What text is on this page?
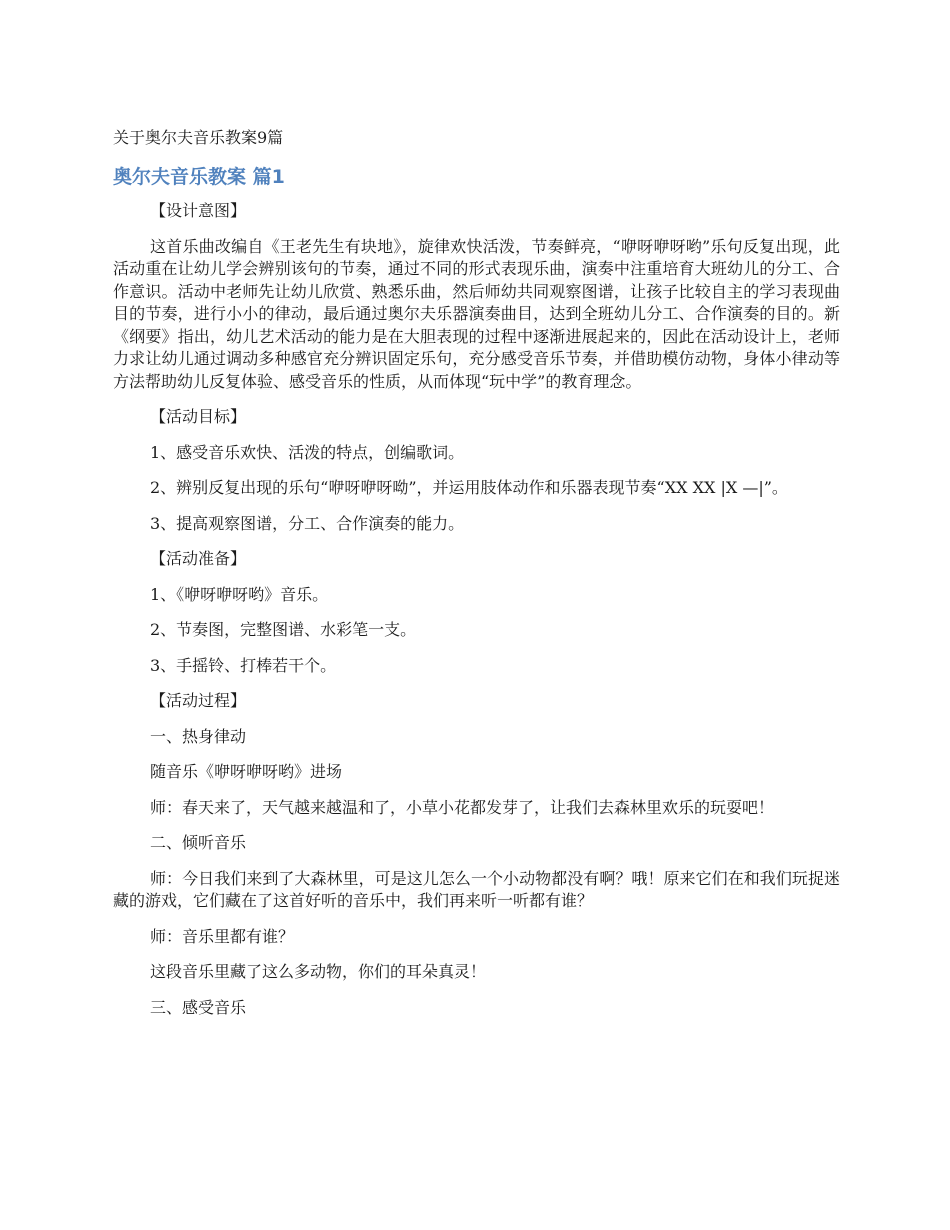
关于奥尔夫音乐教案9篇
奥尔夫音乐教案 篇1

【设计意图】

这首乐曲改编自《王老先生有块地》，旋律欢快活泼，节奏鲜亮，“咿呀咿呀哟”乐句反复出现，此活动重在让幼儿学会辨别该句的节奏，通过不同的形式表现乐曲，演奏中注重培育大班幼儿的分工、合作意识。活动中老师先让幼儿欣赏、熟悉乐曲，然后师幼共同观察图谱，让孩子比较自主的学习表现曲目的节奏，进行小小的律动，最后通过奥尔夫乐器演奏曲目，达到全班幼儿分工、合作演奏的目的。新《纲要》指出，幼儿艺术活动的能力是在大胆表现的过程中逐渐进展起来的，因此在活动设计上，老师力求让幼儿通过调动多种感官充分辨识固定乐句，充分感受音乐节奏，并借助模仿动物，身体小律动等方法帮助幼儿反复体验、感受音乐的性质，从而体现“玩中学”的教育理念。

【活动目标】

1、感受音乐欢快、活泼的特点，创编歌词。

2、辨别反复出现的乐句“咿呀咿呀呦”，并运用肢体动作和乐器表现节奏“XX XX |X —|”。

3、提高观察图谱，分工、合作演奏的能力。

【活动准备】

1、《咿呀咿呀哟》音乐。

2、节奏图，完整图谱、水彩笔一支。

3、手摇铃、打棒若干个。

【活动过程】

一、热身律动

随音乐《咿呀咿呀哟》进场

师：春天来了，天气越来越温和了，小草小花都发芽了，让我们去森林里欢乐的玩耍吧！

二、倾听音乐

师：今日我们来到了大森林里，可是这儿怎么一个小动物都没有啊？哦！原来它们在和我们玩捉迷藏的游戏，它们藏在了这首好听的音乐中，我们再来听一听都有谁？

师：音乐里都有谁？

这段音乐里藏了这么多动物，你们的耳朵真灵！

三、感受音乐
